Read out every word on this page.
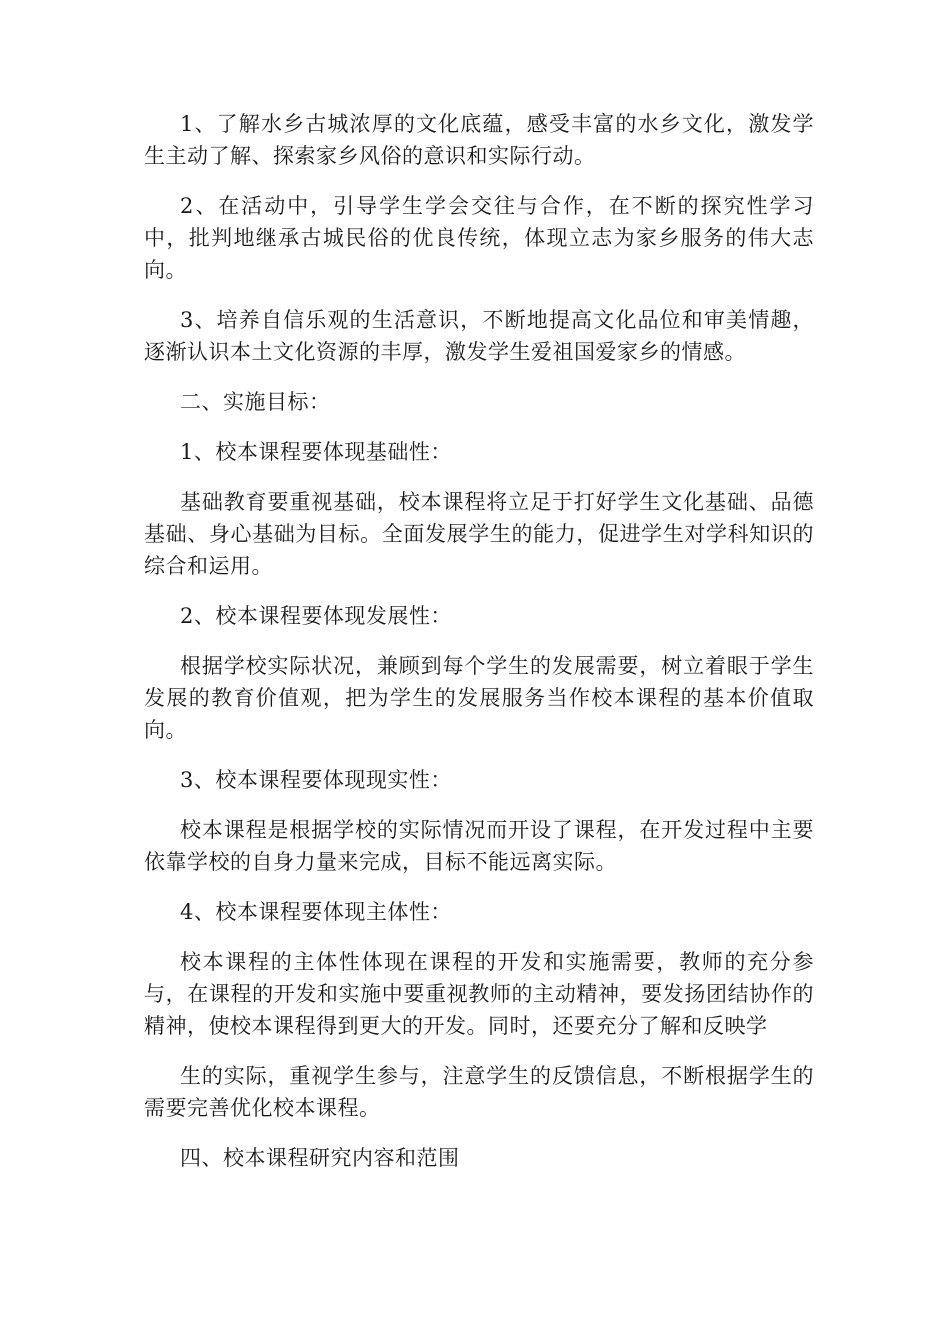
1、了解水乡古城浓厚的文化底蕴，感受丰富的水乡文化，激发学生主动了解、探索家乡风俗的意识和实际行动。

2、在活动中，引导学生学会交往与合作，在不断的探究性学习中，批判地继承古城民俗的优良传统，体现立志为家乡服务的伟大志向。

3、培养自信乐观的生活意识，不断地提高文化品位和审美情趣，逐渐认识本土文化资源的丰厚，激发学生爱祖国爱家乡的情感。

二、实施目标：

1、校本课程要体现基础性：

基础教育要重视基础，校本课程将立足于打好学生文化基础、品德基础、身心基础为目标。全面发展学生的能力，促进学生对学科知识的综合和运用。

2、校本课程要体现发展性：

根据学校实际状况，兼顾到每个学生的发展需要，树立着眼于学生发展的教育价值观，把为学生的发展服务当作校本课程的基本价值取向。

3、校本课程要体现现实性：

校本课程是根据学校的实际情况而开设了课程，在开发过程中主要依靠学校的自身力量来完成，目标不能远离实际。

4、校本课程要体现主体性：

校本课程的主体性体现在课程的开发和实施需要，教师的充分参与，在课程的开发和实施中要重视教师的主动精神，要发扬团结协作的精神，使校本课程得到更大的开发。同时，还要充分了解和反映学

生的实际，重视学生参与，注意学生的反馈信息，不断根据学生的需要完善优化校本课程。

四、校本课程研究内容和范围
